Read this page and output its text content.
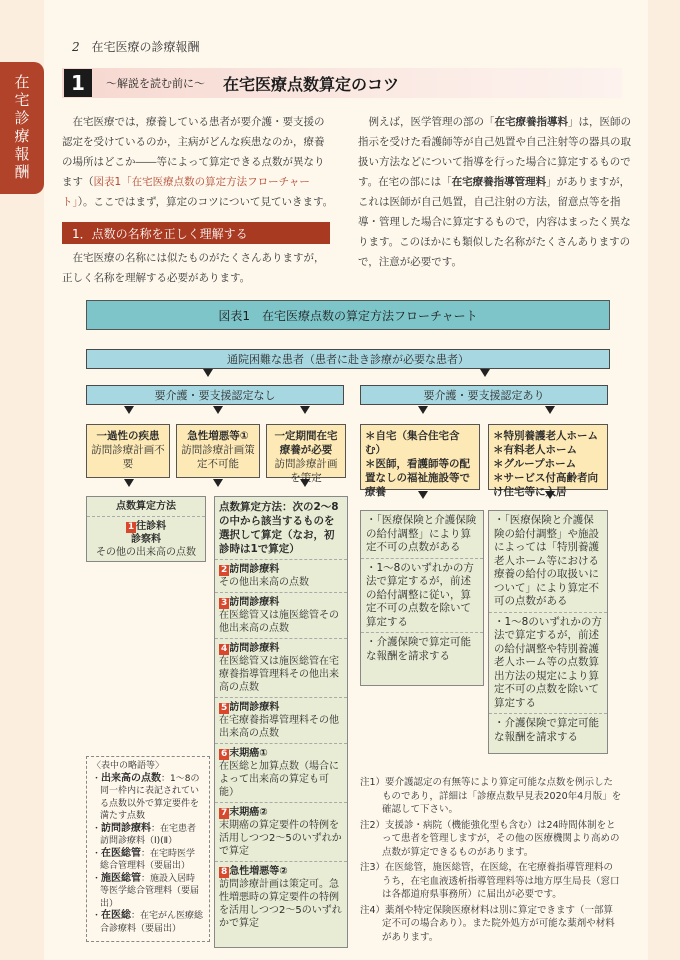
2 在宅医療の診療報酬
在宅診療報酬	1	〜解説を読む前に〜 在宅医療点数算定のコツ
　在宅医療では，療養している患者が要介護・要支援の認定を受けているのか，主病がどんな疾患なのか，療養の場所はどこか――等によって算定できる点数が異なります（図表1「在宅医療点数の算定方法フローチャート」）。ここではまず，算定のコツについて見ていきます。
1．点数の名称を正しく理解する
　在宅医療の名称には似たものがたくさんありますが，正しく名称を理解する必要があります。
　例えば，医学管理の部の「在宅療養指導料」は，医師の指示を受けた看護師等が自己処置や自己注射等の器具の取扱い方法などについて指導を行った場合に算定するものです。在宅の部には「在宅療養指導管理料」がありますが，これは医師が自己処置，自己注射の方法，留意点等を指導・管理した場合に算定するもので，内容はまったく異なります。このほかにも類似した名称がたくさんありますので，注意が必要です。
図表1　在宅医療点数の算定方法フローチャート
通院困難な患者（患者に赴き診療が必要な患者）
要介護・要支援認定なし	要介護・要支援認定あり
一過性の疾患
訪問診療計画不要
急性増悪等①
訪問診療計画策定不可能
一定期間在宅療養が必要
訪問診療計画を策定
＊自宅（集合住宅含む）
＊医師，看護師等の配置なしの福祉施設等で療養
＊特別養護老人ホーム
＊有料老人ホーム
＊グループホーム
＊サービス付高齢者向け住宅等に入居
点数算定方法
1 往診料
診察料
その他の出来高の点数
点数算定方法：次の2〜8の中から該当するものを選択して算定（なお，初診時は1で算定）
2 訪問診療料
その他出来高の点数
3 訪問診療料
在医総管又は施医総管その他出来高の点数
4 訪問診療料
在医総管又は施医総管在宅療養指導管理料その他出来高の点数
5 訪問診療料
在宅療養指導管理料その他出来高の点数
6 末期癌①
在医総と加算点数（場合によって出来高の算定も可能）
7 末期癌②
末期癌の算定要件の特例を活用しつつ2〜5のいずれかで算定
8 急性増悪等②
訪問診療計画は策定可。急性増悪時の算定要件の特例を活用しつつ2〜5のいずれかで算定
・「医療保険と介護保険の給付調整」により算定不可の点数がある
・1〜8のいずれかの方法で算定するが，前述の給付調整に従い，算定不可の点数を除いて算定する
・介護保険で算定可能な報酬を請求する
・「医療保険と介護保険の給付調整」や施設によっては「特別養護老人ホーム等における療養の給付の取扱いについて」により算定不可の点数がある
・1〜8のいずれかの方法で算定するが，前述の給付調整や特別養護老人ホーム等の点数算出方法の規定により算定不可の点数を除いて算定する
・介護保険で算定可能な報酬を請求する
〈表中の略語等〉
・出来高の点数：1〜8の同一枠内に表記されている点数以外で算定要件を満たす点数
・訪問診療料：在宅患者訪問診療料（Ⅰ)(Ⅱ）
・在医総管：在宅時医学総合管理料（要届出）
・施医総管：施設入居時等医学総合管理料（要届出）
・在医総：在宅がん医療総合診療料（要届出）

注1）要介護認定の有無等により算定可能な点数を例示したものであり，詳細は「診療点数早見表2020年4月版」を確認して下さい。

注2）支援診・病院（機能強化型も含む）は24時間体制をとって患者を管理しますが，その他の医療機関より高めの点数が算定できるものがあります。

注3）在医総管，施医総管，在医総，在宅療養指導管理料のうち，在宅血液透析指導管理料等は地方厚生局長（窓口は各都道府県事務所）に届出が必要です。

注4）薬剤や特定保険医療材料は別に算定できます（一部算定不可の場合あり）。また院外処方が可能な薬剤や材料があります。
